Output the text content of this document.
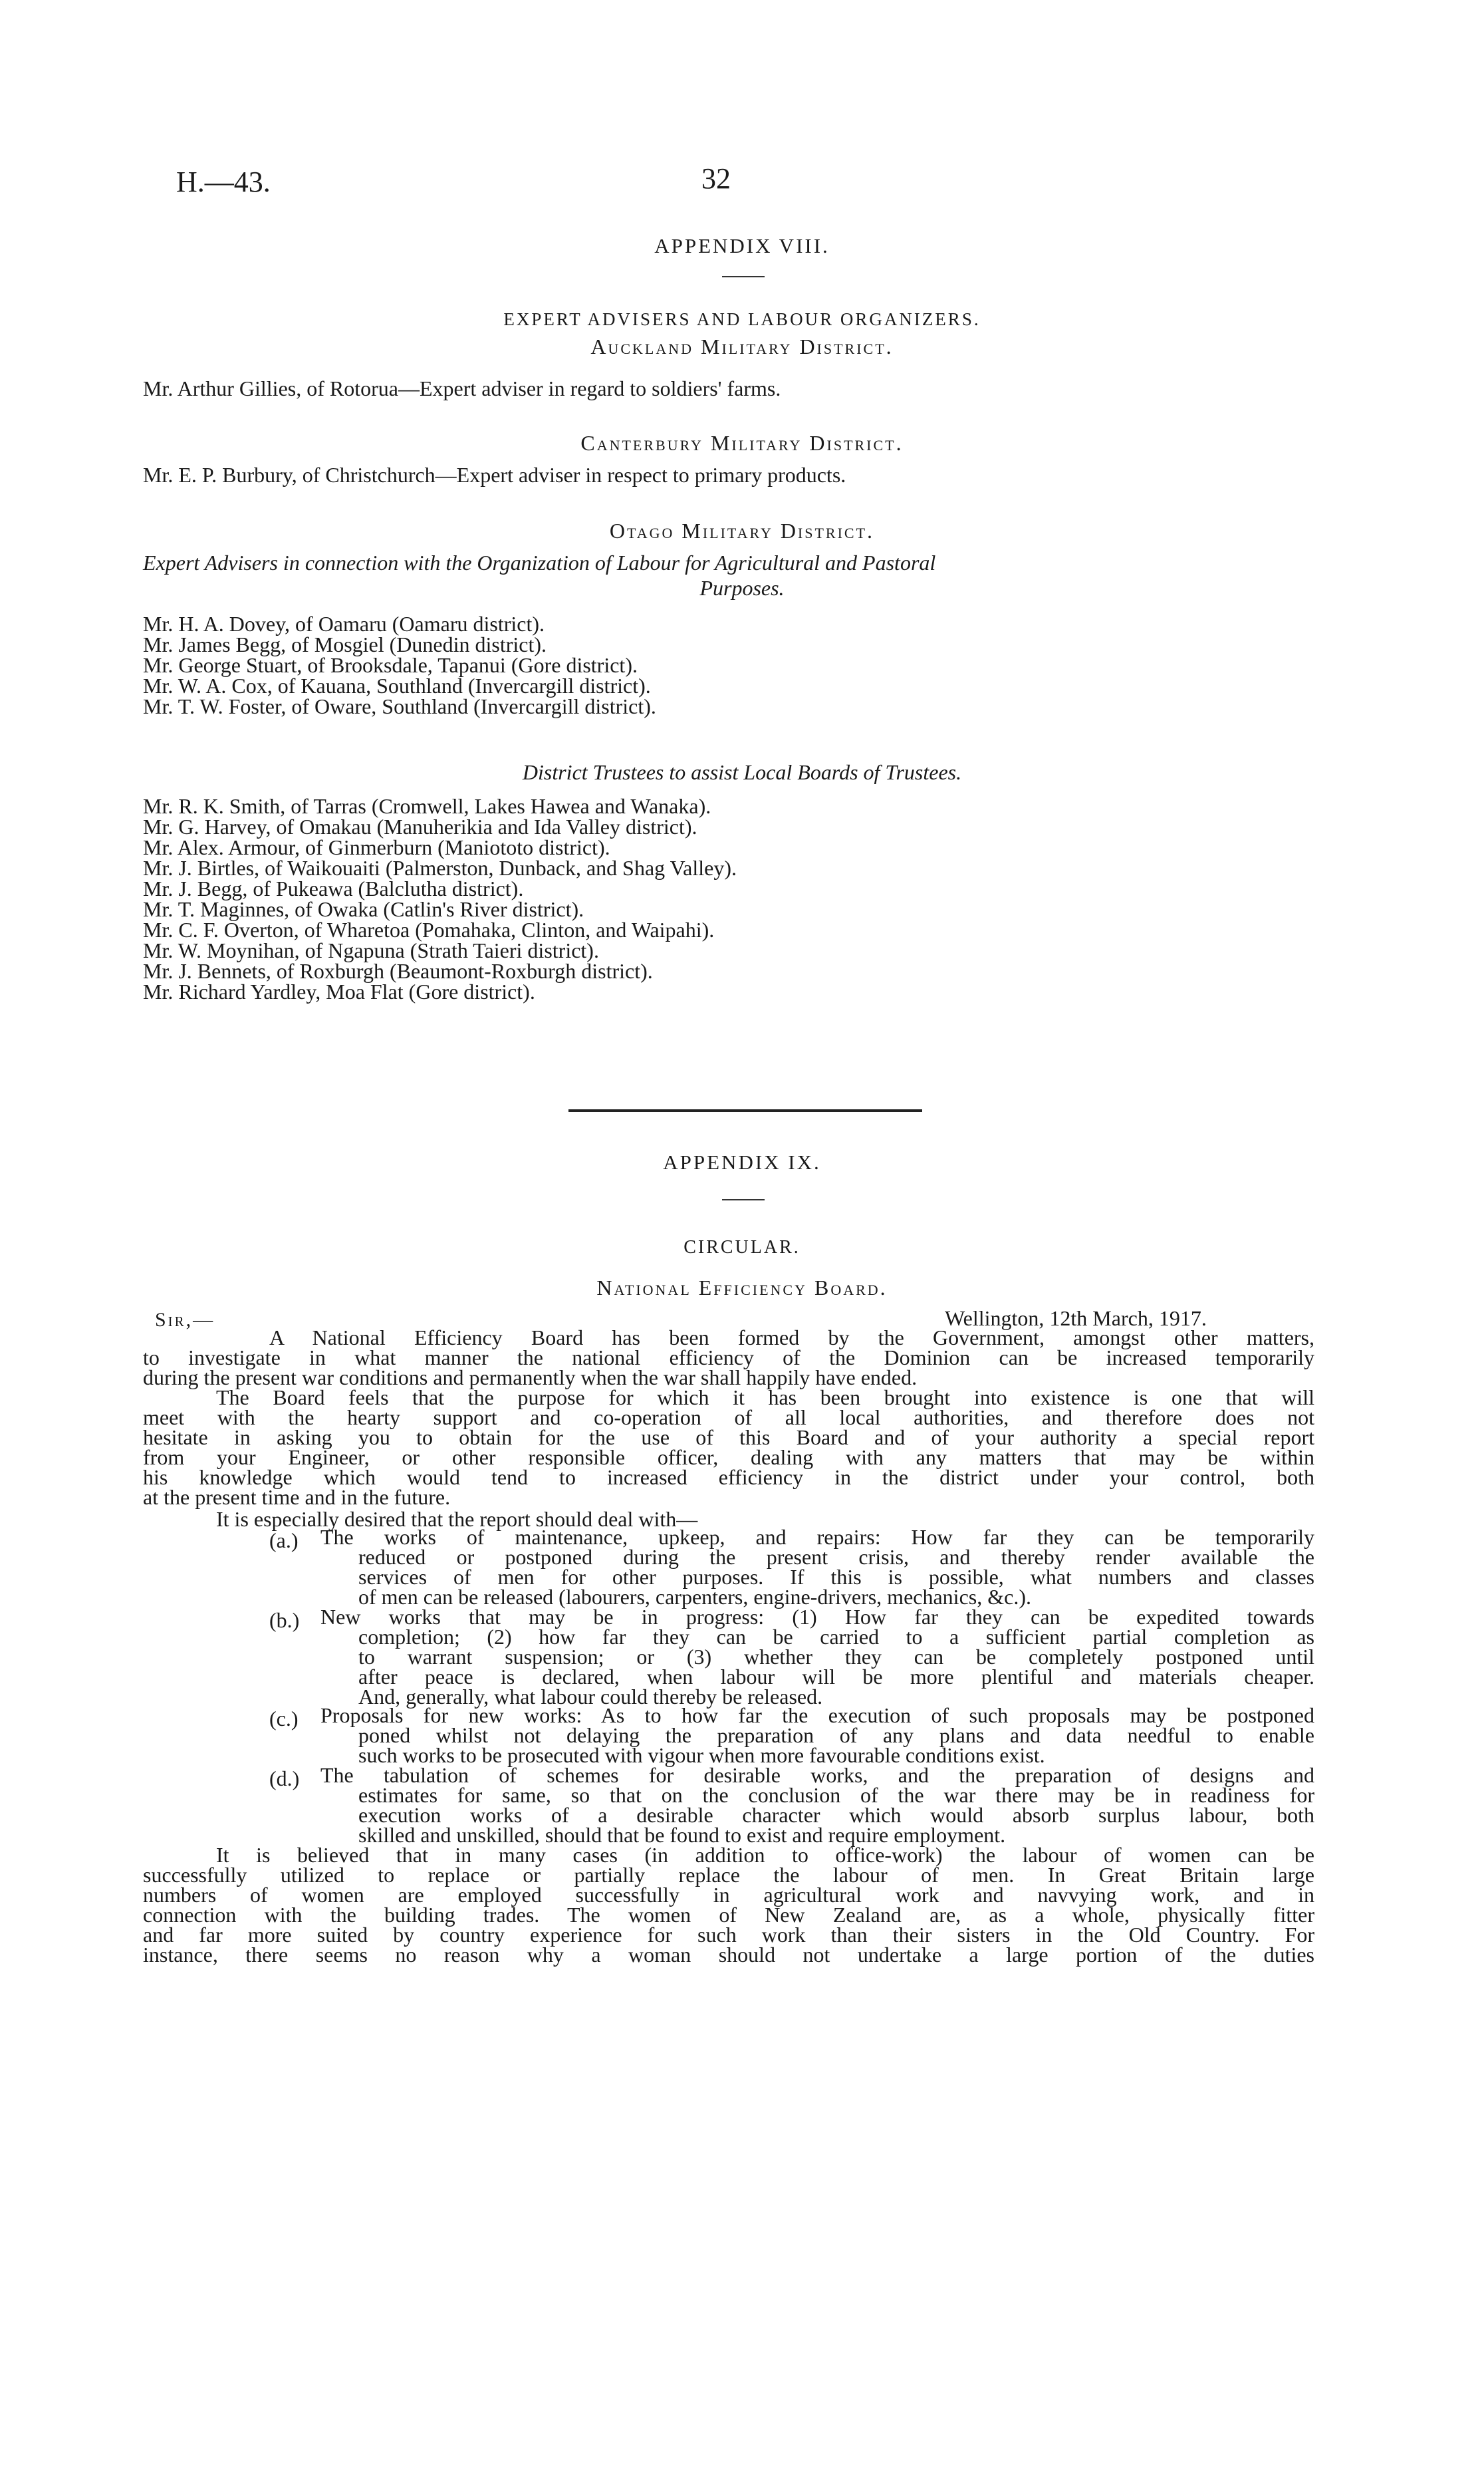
H.—43.	32
APPENDIX VIII.
EXPERT ADVISERS AND LABOUR ORGANIZERS.
Auckland Military District.
Mr. Arthur Gillies, of Rotorua—Expert adviser in regard to soldiers' farms.
Canterbury Military District.
Mr. E. P. Burbury, of Christchurch—Expert adviser in respect to primary products.
Otago Military District.
Expert Advisers in connection with the Organization of Labour for Agricultural and Pastoral
Purposes.
Mr. H. A. Dovey, of Oamaru (Oamaru district).
Mr. James Begg, of Mosgiel (Dunedin district).
Mr. George Stuart, of Brooksdale, Tapanui (Gore district).
Mr. W. A. Cox, of Kauana, Southland (Invercargill district).
Mr. T. W. Foster, of Oware, Southland (Invercargill district).
District Trustees to assist Local Boards of Trustees.
Mr. R. K. Smith, of Tarras (Cromwell, Lakes Hawea and Wanaka).
Mr. G. Harvey, of Omakau (Manuherikia and Ida Valley district).
Mr. Alex. Armour, of Ginmerburn (Maniototo district).
Mr. J. Birtles, of Waikouaiti (Palmerston, Dunback, and Shag Valley).
Mr. J. Begg, of Pukeawa (Balclutha district).
Mr. T. Maginnes, of Owaka (Catlin's River district).
Mr. C. F. Overton, of Wharetoa (Pomahaka, Clinton, and Waipahi).
Mr. W. Moynihan, of Ngapuna (Strath Taieri district).
Mr. J. Bennets, of Roxburgh (Beaumont-Roxburgh district).
Mr. Richard Yardley, Moa Flat (Gore district).
APPENDIX IX.
CIRCULAR.
National Efficiency Board.
Sir,—	Wellington, 12th March, 1917.
A National Efficiency Board has been formed by the Government, amongst other matters,
to investigate in what manner the national efficiency of the Dominion can be increased temporarily
during the present war conditions and permanently when the war shall happily have ended.
The Board feels that the purpose for which it has been brought into existence is one that will
meet with the hearty support and co-operation of all local authorities, and therefore does not
hesitate in asking you to obtain for the use of this Board and of your authority a special report
from your Engineer, or other responsible officer, dealing with any matters that may be within
his knowledge which would tend to increased efficiency in the district under your control, both
at the present time and in the future.
It is especially desired that the report should deal with—
(a.) The works of maintenance, upkeep, and repairs: How far they can be temporarily
reduced or postponed during the present crisis, and thereby render available the
services of men for other purposes. If this is possible, what numbers and classes
of men can be released (labourers, carpenters, engine-drivers, mechanics, &c.).
(b.) New works that may be in progress: (1) How far they can be expedited towards
completion; (2) how far they can be carried to a sufficient partial completion as
to warrant suspension; or (3) whether they can be completely postponed until
after peace is declared, when labour will be more plentiful and materials cheaper.
And, generally, what labour could thereby be released.
(c.) Proposals for new works: As to how far the execution of such proposals may be postponed
poned whilst not delaying the preparation of any plans and data needful to enable
such works to be prosecuted with vigour when more favourable conditions exist.
(d.) The tabulation of schemes for desirable works, and the preparation of designs and
estimates for same, so that on the conclusion of the war there may be in readiness for
execution works of a desirable character which would absorb surplus labour, both
skilled and unskilled, should that be found to exist and require employment.
It is believed that in many cases (in addition to office-work) the labour of women can be
successfully utilized to replace or partially replace the labour of men. In Great Britain large
numbers of women are employed successfully in agricultural work and navvying work, and in
connection with the building trades. The women of New Zealand are, as a whole, physically fitter
and far more suited by country experience for such work than their sisters in the Old Country. For
instance, there seems no reason why a woman should not undertake a large portion of the duties
